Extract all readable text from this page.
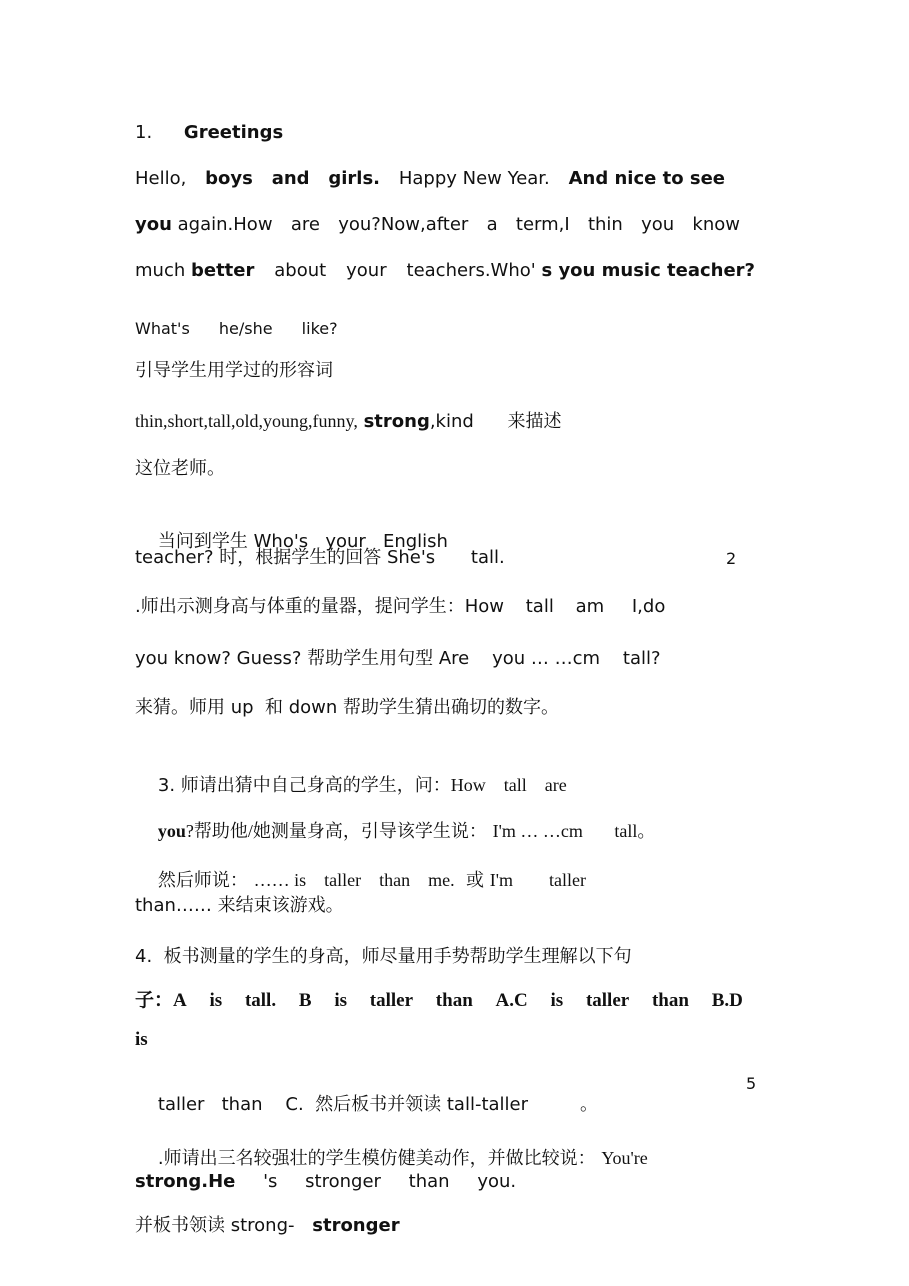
1. Greetings
Hello, boys and girls. Happy New Year. And nice to see
you again.How are you?Now,after a term,I thin you know
much better about your teachers.Who' s you music teacher?
What's he/she like?
引导学生用学过的形容词
thin,short,tall,old,young,funny, strong,kind 来描述
这位老师。

当问到学生 Who's   your   English

teacher? 时，根据学生的回答 She's tall.	2
.师出示测身高与体重的量器，提问学生：How tall am I,do
you know? Guess? 帮助学生用句型 Are    you … …cm    tall?
来猜。师用 up  和 down 帮助学生猜出确切的数字。

3. 师请出猜中自己身高的学生，问：How    tall    are

you?帮助他/她测量身高，引导该学生说： I'm … …cm       tall。

然后师说： …… is    taller    than    me. 或 I'm        taller

than…… 来结束该游戏。
4.  板书测量的学生的身高，师尽量用手势帮助学生理解以下句
子：A is tall. B is taller than A.C is taller than B.D
is

taller   than    C.  然后板书并领读 tall-taller	。

5

.师请出三名较强壮的学生模仿健美动作，并做比较说： You're

strong.He 's stronger than you.
并板书领读 strong- stronger
